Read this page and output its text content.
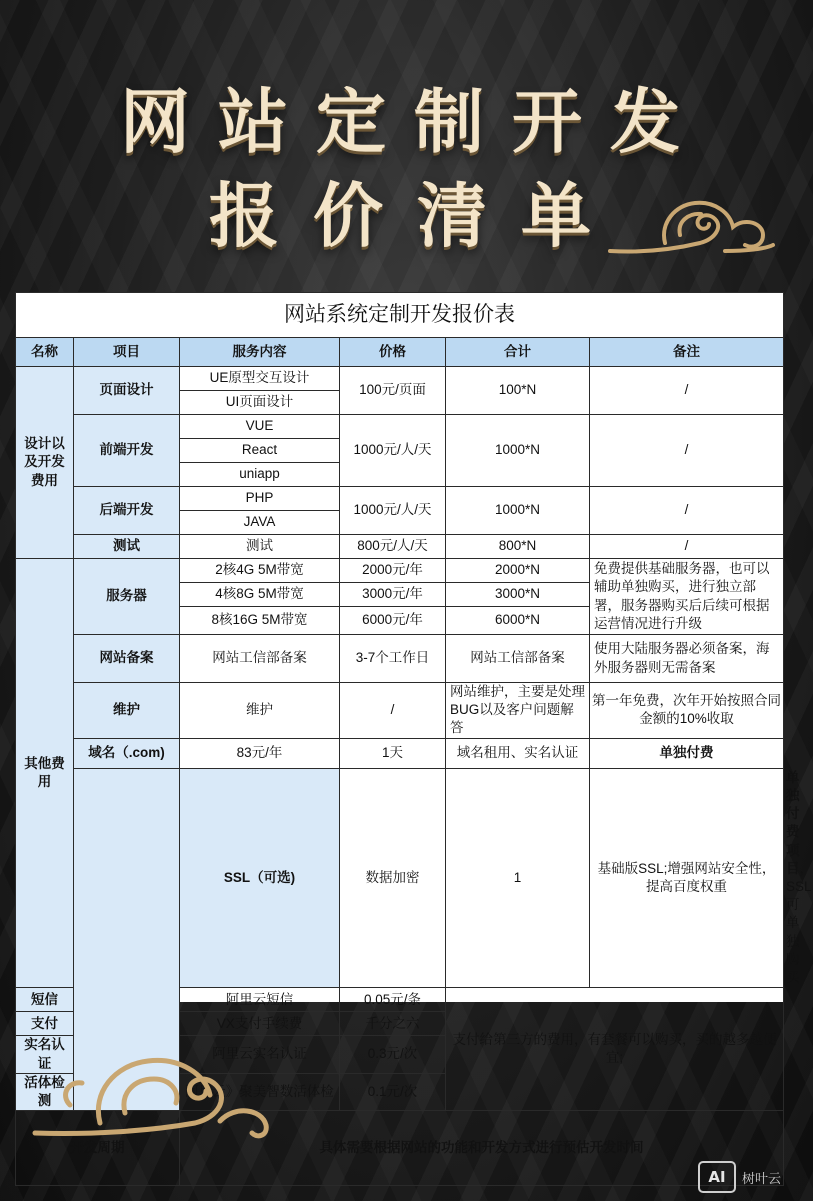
网站定制开发
报价清单
网站系统定制开发报价表						
名称	项目	服务内容	价格	合计	备注	
设计以及开发费用	页面设计	UE原型交互设计	100元/页面	100*N	/	
		UI页面设计				
	前端开发	VUE	1000元/人/天	1000*N	/	
		React				
		uniapp				
	后端开发	PHP	1000元/人/天	1000*N	/	
		JAVA				
	测试	测试	800元/人/天	800*N	/	
其他费用	服务器	2核4G 5M带宽	2000元/年	2000*N	免费提供基础服务器，也可以辅助单独购买，进行独立部署，服务器购买后后续可根据运营情况进行升级	
		4核8G 5M带宽	3000元/年	3000*N		
		8核16G 5M带宽	6000元/年	6000*N		
	网站备案	网站工信部备案	3-7个工作日	网站工信部备案	使用大陆服务器必须备案，海外服务器则无需备案	
	维护	维护	/	网站维护，主要是处理BUG以及客户问题解答	第一年免费，次年开始按照合同金额的10%收取	
	域名（.com)	83元/年	1天	域名租用、实名认证	单独付费	
		SSL（可选)	数据加密	1	基础版SSL;增强网站安全性，提高百度权重	单独付费项目，SSL可单独购买
短信		阿里云短信	0.05元/条	支付给第三方的费用，有套餐可以购买，买的越多越便宜;		
支付		VX支付手续费	千分之六			
实名认证		阿里云实名认证	0.3元/次			
活体检测		阿里云》聚美智数活体检	0.1元/次			
开发周期		具体需要根据网站的功能和开发方式进行预估开发时间				
AI	树叶云
